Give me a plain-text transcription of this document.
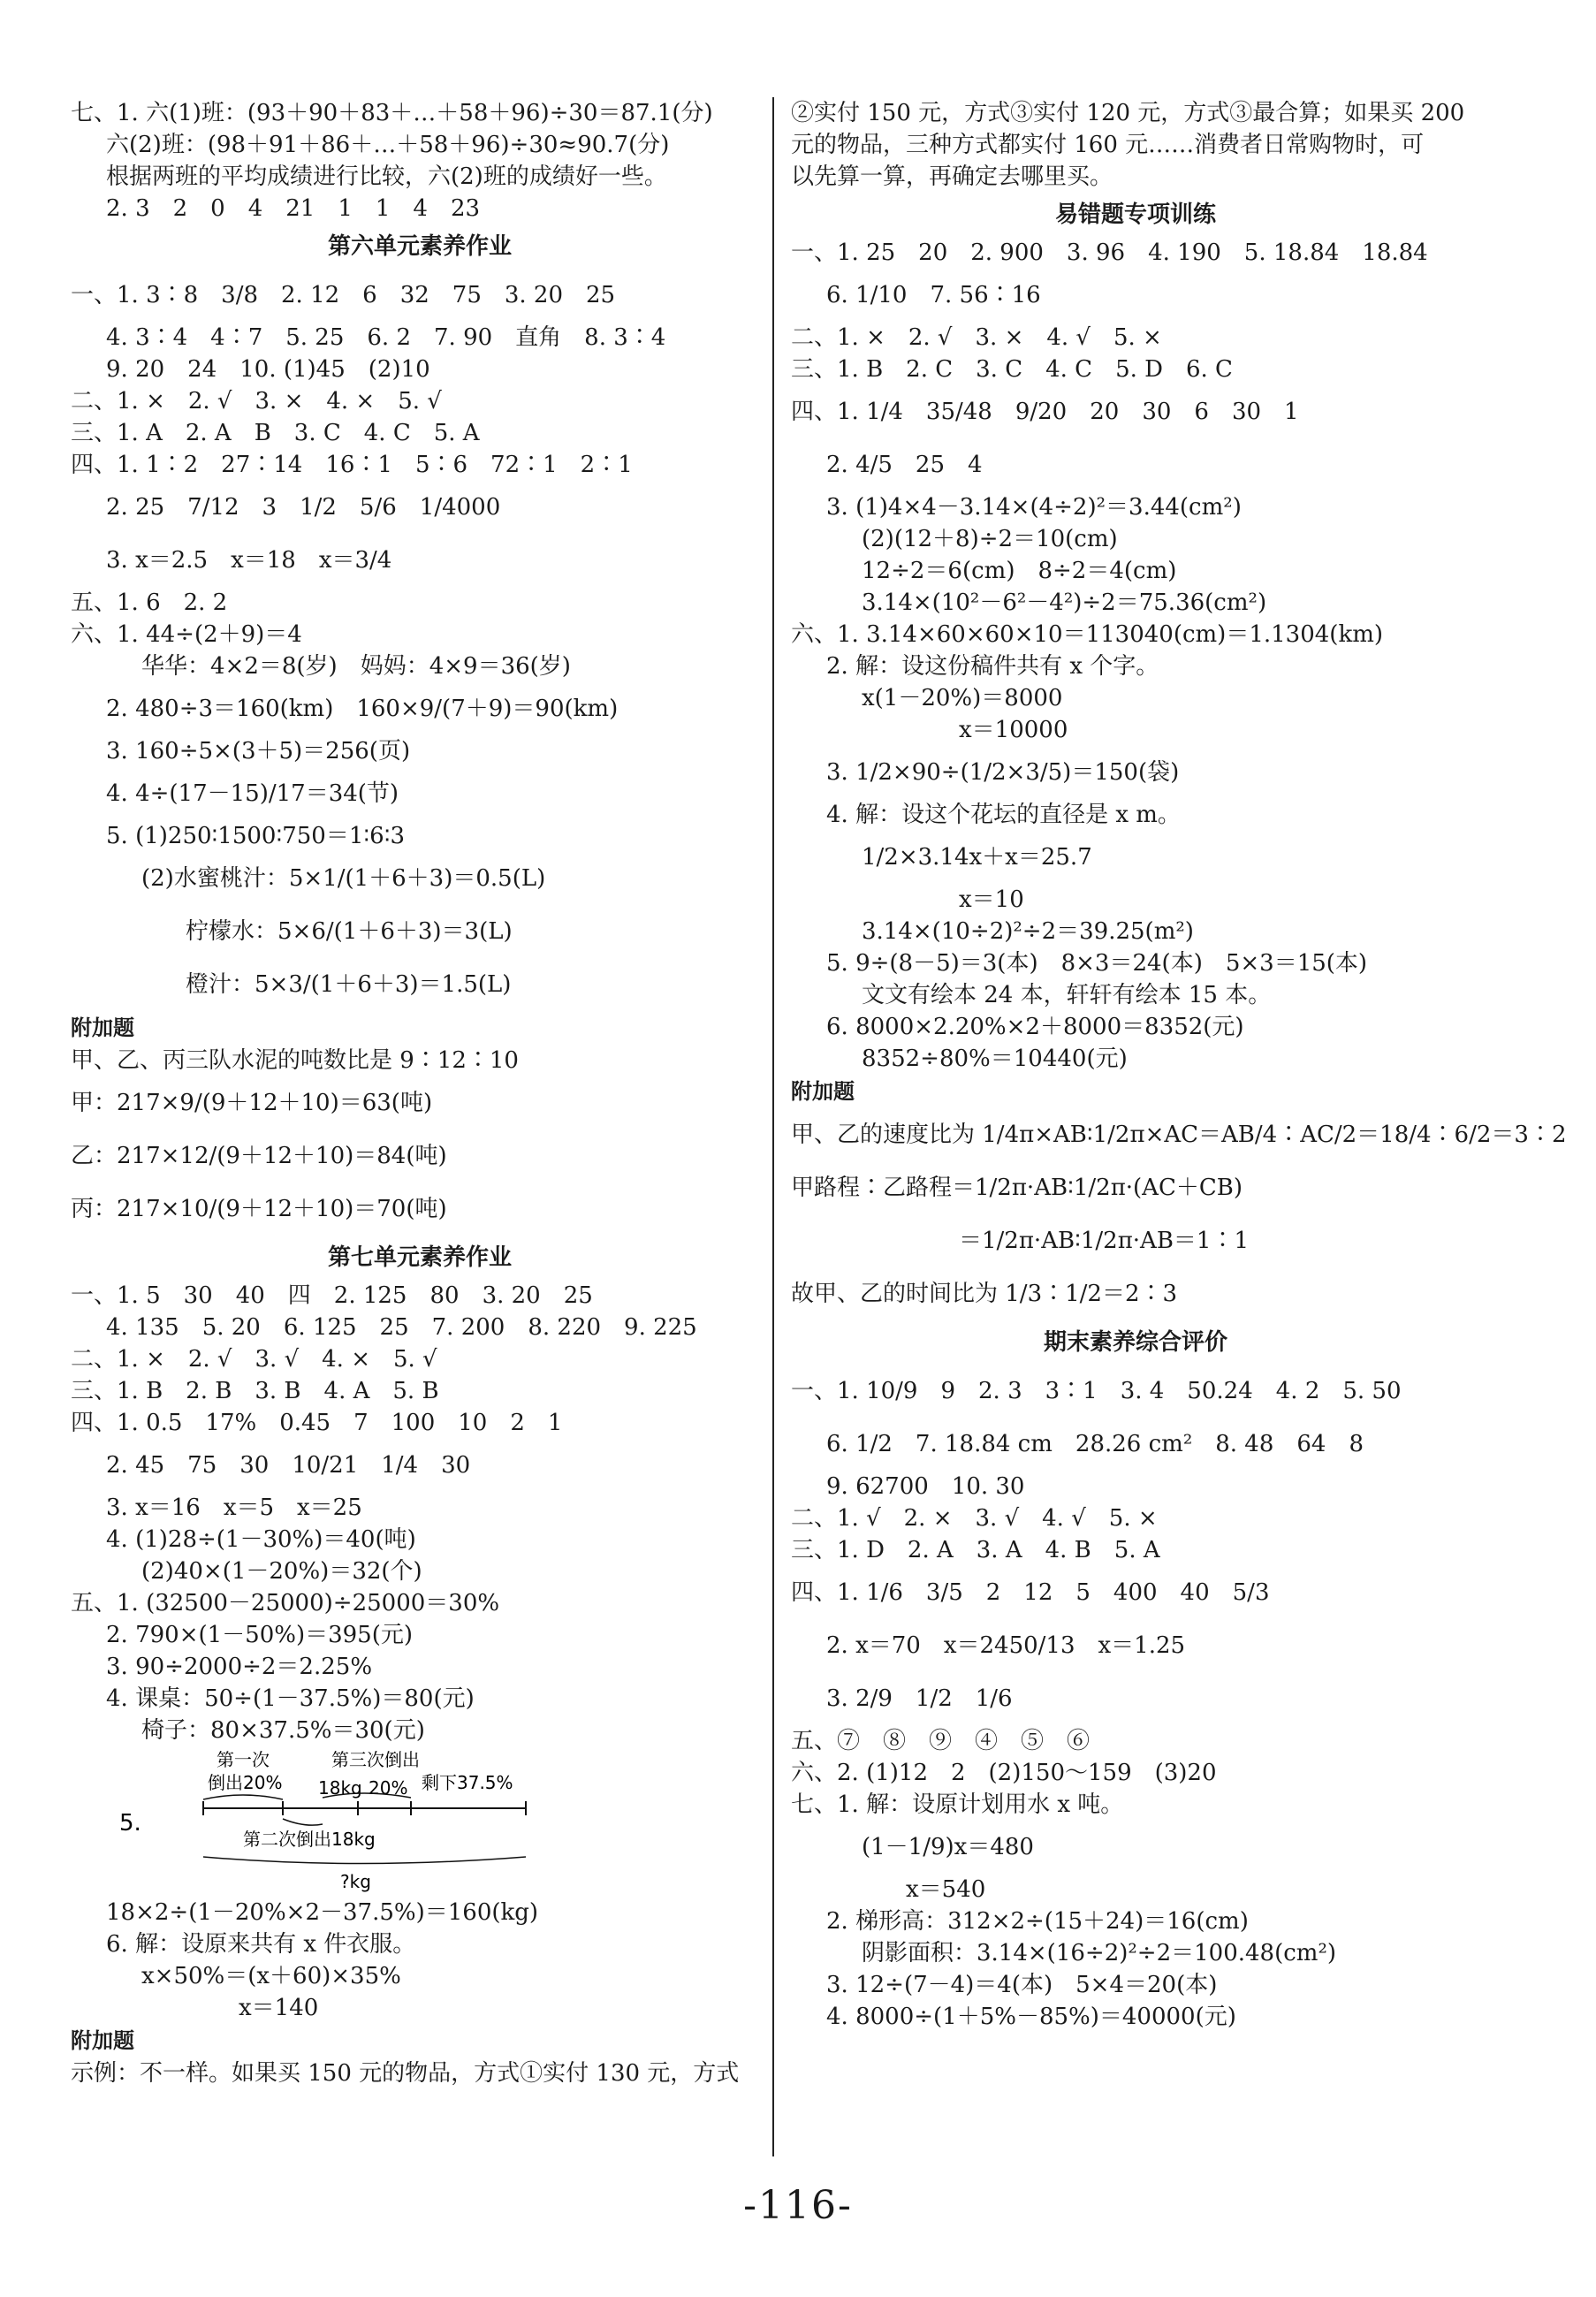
七、1. 六(1)班：(93＋90＋83＋…＋58＋96)÷30＝87.1(分)
六(2)班：(98＋91＋86＋…＋58＋96)÷30≈90.7(分)
根据两班的平均成绩进行比较，六(2)班的成绩好一些。
2. 3　2　0　4　21　1　1　4　23
第六单元素养作业
一、1. 3∶8　3/8　2. 12　6　32　75　3. 20　25
4. 3∶4　4∶7　5. 25　6. 2　7. 90　直角　8. 3∶4
9. 20　24　10. (1)45　(2)10
二、1. ×　2. √　3. ×　4. ×　5. √
三、1. A　2. A　B　3. C　4. C　5. A
四、1. 1∶2　27∶14　16∶1　5∶6　72∶1　2∶1
2. 25　7/12　3　1/2　5/6　1/4000
3. x＝2.5　x＝18　x＝3/4
五、1. 6　2. 2
六、1. 44÷(2＋9)＝4
华华：4×2＝8(岁)　妈妈：4×9＝36(岁)
2. 480÷3＝160(km)　160×9/(7＋9)＝90(km)
3. 160÷5×(3＋5)＝256(页)
4. 4÷(17－15)/17＝34(节)
5. (1)250∶1500∶750＝1∶6∶3
(2)水蜜桃汁：5×1/(1＋6＋3)＝0.5(L)
柠檬水：5×6/(1＋6＋3)＝3(L)
橙汁：5×3/(1＋6＋3)＝1.5(L)
附加题
甲、乙、丙三队水泥的吨数比是 9∶12∶10
甲：217×9/(9＋12＋10)＝63(吨)
乙：217×12/(9＋12＋10)＝84(吨)
丙：217×10/(9＋12＋10)＝70(吨)
第七单元素养作业
一、1. 5　30　40　四　2. 125　80　3. 20　25
4. 135　5. 20　6. 125　25　7. 200　8. 220　9. 225
二、1. ×　2. √　3. √　4. ×　5. √
三、1. B　2. B　3. B　4. A　5. B
四、1. 0.5　17%　0.45　7　100　10　2　1
2. 45　75　30　10/21　1/4　30
3. x＝16　x＝5　x＝25
4. (1)28÷(1－30%)＝40(吨)
(2)40×(1－20%)＝32(个)
五、1. (32500－25000)÷25000＝30%
2. 790×(1－50%)＝395(元)
3. 90÷2000÷2＝2.25%
4. 课桌：50÷(1－37.5%)＝80(元)
椅子：80×37.5%＝30(元)
5.
第一次	第三次倒出
倒出20% 18kg 20% 剩下37.5%
第二次倒出18kg
?kg
18×2÷(1－20%×2－37.5%)＝160(kg)
6. 解：设原来共有 x 件衣服。
x×50%＝(x＋60)×35%
x＝140
附加题
示例：不一样。如果买 150 元的物品，方式①实付 130 元，方式
②实付 150 元，方式③实付 120 元，方式③最合算；如果买 200
元的物品，三种方式都实付 160 元……消费者日常购物时，可
以先算一算，再确定去哪里买。
易错题专项训练
一、1. 25　20　2. 900　3. 96　4. 190　5. 18.84　18.84
6. 1/10　7. 56∶16
二、1. ×　2. √　3. ×　4. √　5. ×
三、1. B　2. C　3. C　4. C　5. D　6. C
四、1. 1/4　35/48　9/20　20　30　6　30　1
2. 4/5　25　4
3. (1)4×4－3.14×(4÷2)²＝3.44(cm²)
(2)(12＋8)÷2＝10(cm)
12÷2＝6(cm)　8÷2＝4(cm)
3.14×(10²－6²－4²)÷2＝75.36(cm²)
六、1. 3.14×60×60×10＝113040(cm)＝1.1304(km)
2. 解：设这份稿件共有 x 个字。
x(1－20%)＝8000
x＝10000
3. 1/2×90÷(1/2×3/5)＝150(袋)
4. 解：设这个花坛的直径是 x m。
1/2×3.14x＋x＝25.7
x＝10
3.14×(10÷2)²÷2＝39.25(m²)
5. 9÷(8－5)＝3(本)　8×3＝24(本)　5×3＝15(本)
文文有绘本 24 本，轩轩有绘本 15 本。
6. 8000×2.20%×2＋8000＝8352(元)
8352÷80%＝10440(元)
附加题
甲、乙的速度比为 1/4π×AB∶1/2π×AC＝AB/4∶AC/2＝18/4∶6/2＝3∶2
甲路程∶乙路程＝1/2π·AB∶1/2π·(AC＋CB)
＝1/2π·AB∶1/2π·AB＝1∶1
故甲、乙的时间比为 1/3∶1/2＝2∶3
期末素养综合评价
一、1. 10/9　9　2. 3　3∶1　3. 4　50.24　4. 2　5. 50
6. 1/2　7. 18.84 cm　28.26 cm²　8. 48　64　8
9. 62700　10. 30
二、1. √　2. ×　3. √　4. √　5. ×
三、1. D　2. A　3. A　4. B　5. A
四、1. 1/6　3/5　2　12　5　400　40　5/3
2. x＝70　x＝2450/13　x＝1.25
3. 2/9　1/2　1/6
五、⑦　⑧　⑨　④　⑤　⑥
六、2. (1)12　2　(2)150～159　(3)20
七、1. 解：设原计划用水 x 吨。
(1－1/9)x＝480
x＝540
2. 梯形高：312×2÷(15＋24)＝16(cm)
阴影面积：3.14×(16÷2)²÷2＝100.48(cm²)
3. 12÷(7－4)＝4(本)　5×4＝20(本)
4. 8000÷(1＋5%－85%)＝40000(元)
-116-
